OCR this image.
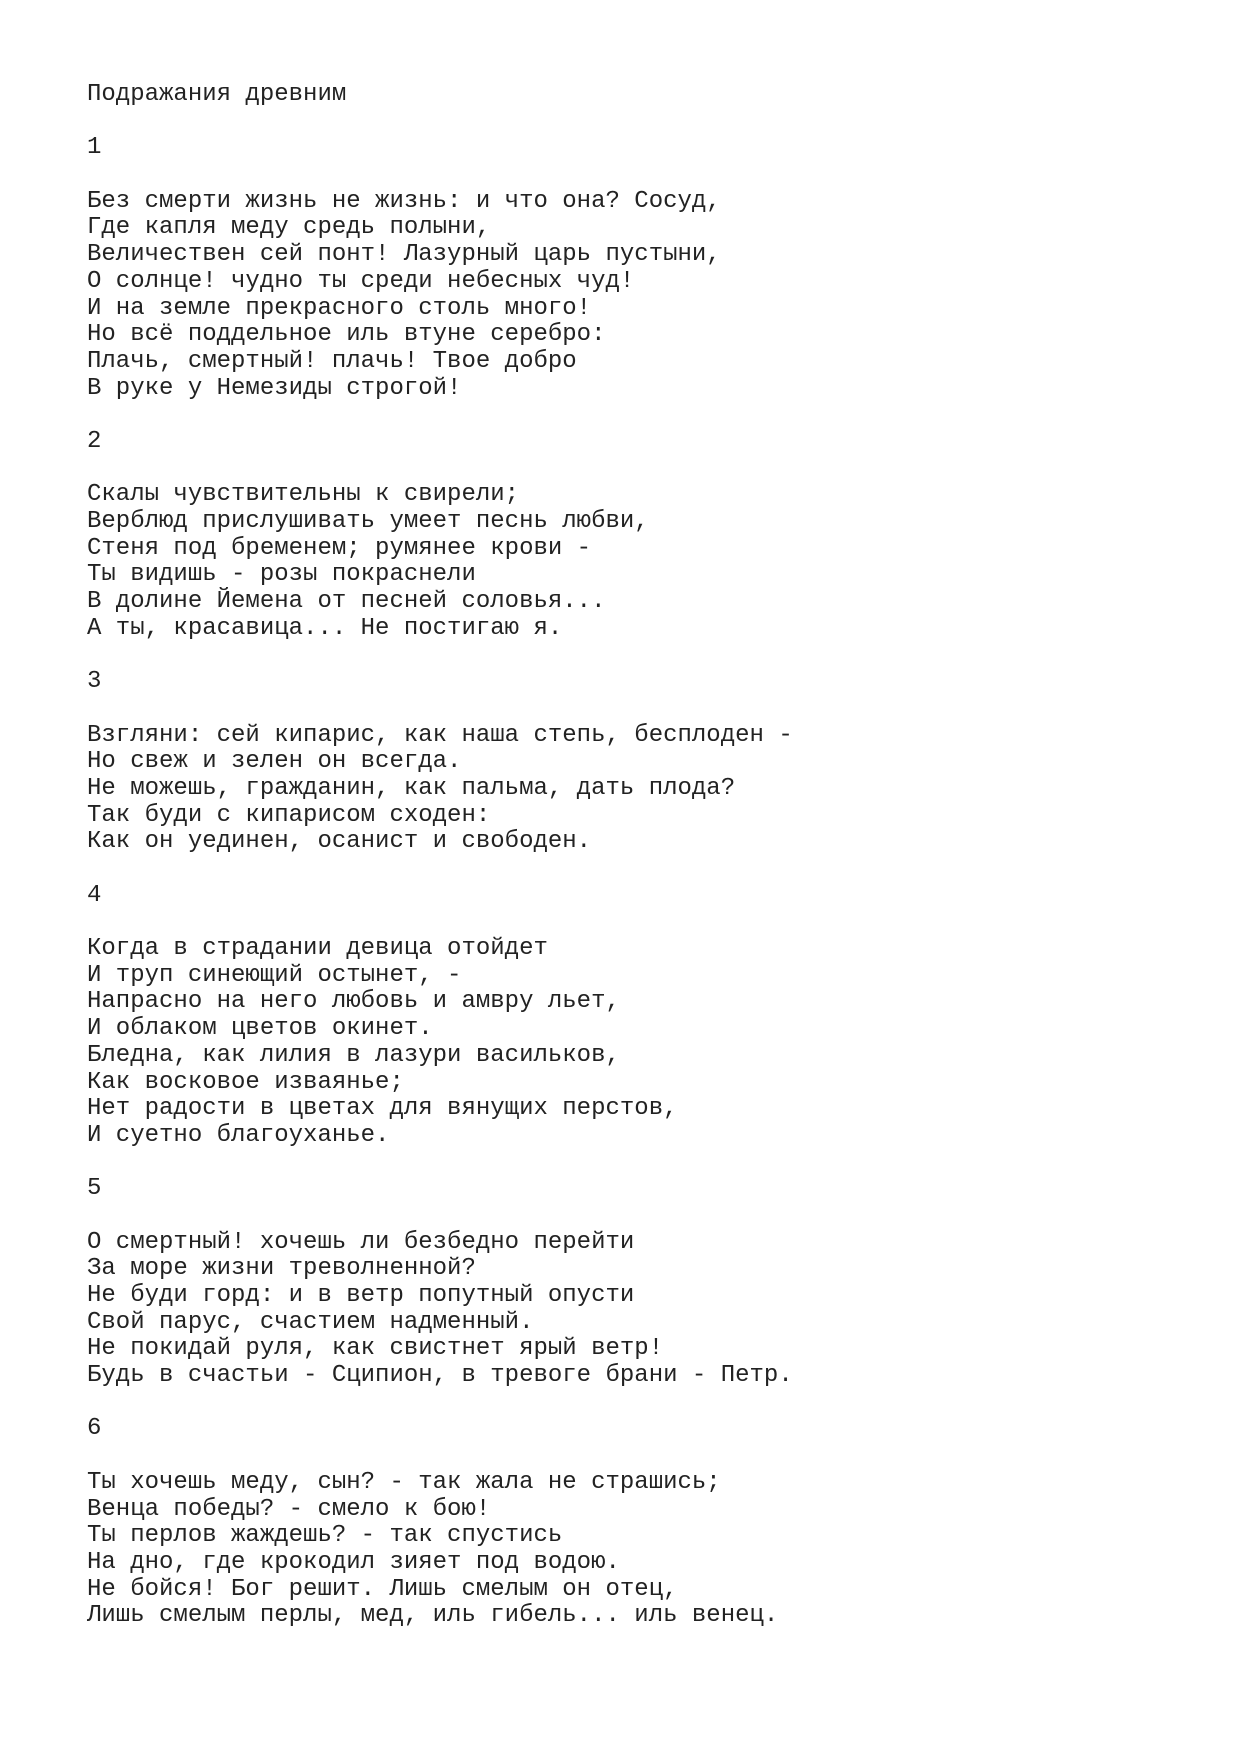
Подражания древним
1
Без смерти жизнь не жизнь: и что она? Сосуд,
Где капля меду средь полыни,
Величествен сей понт! Лазурный царь пустыни,
О солнце! чудно ты среди небесных чуд!
И на земле прекрасного столь много!
Но всё поддельное иль втуне серебро:
Плачь, смертный! плачь! Твое добро
В руке у Немезиды строгой!
2
Скалы чувствительны к свирели;
Верблюд прислушивать умеет песнь любви,
Стеня под бременем; румянее крови -
Ты видишь - розы покраснели
В долине Йемена от песней соловья...
А ты, красавица... Не постигаю я.
3
Взгляни: сей кипарис, как наша степь, бесплоден -
Но свеж и зелен он всегда.
Не можешь, гражданин, как пальма, дать плода?
Так буди с кипарисом сходен:
Как он уединен, осанист и свободен.
4
Когда в страдании девица отойдет
И труп синеющий остынет, -
Напрасно на него любовь и амвру льет,
И облаком цветов окинет.
Бледна, как лилия в лазури васильков,
Как восковое изваянье;
Нет радости в цветах для вянущих перстов,
И суетно благоуханье.
5
О смертный! хочешь ли безбедно перейти
За море жизни треволненной?
Не буди горд: и в ветр попутный опусти
Свой парус, счастием надменный.
Не покидай руля, как свистнет ярый ветр!
Будь в счастьи - Сципион, в тревоге брани - Петр.
6
Ты хочешь меду, сын? - так жала не страшись;
Венца победы? - смело к бою!
Ты перлов жаждешь? - так спустись
На дно, где крокодил зияет под водою.
Не бойся! Бог решит. Лишь смелым он отец,
Лишь смелым перлы, мед, иль гибель... иль венец.
